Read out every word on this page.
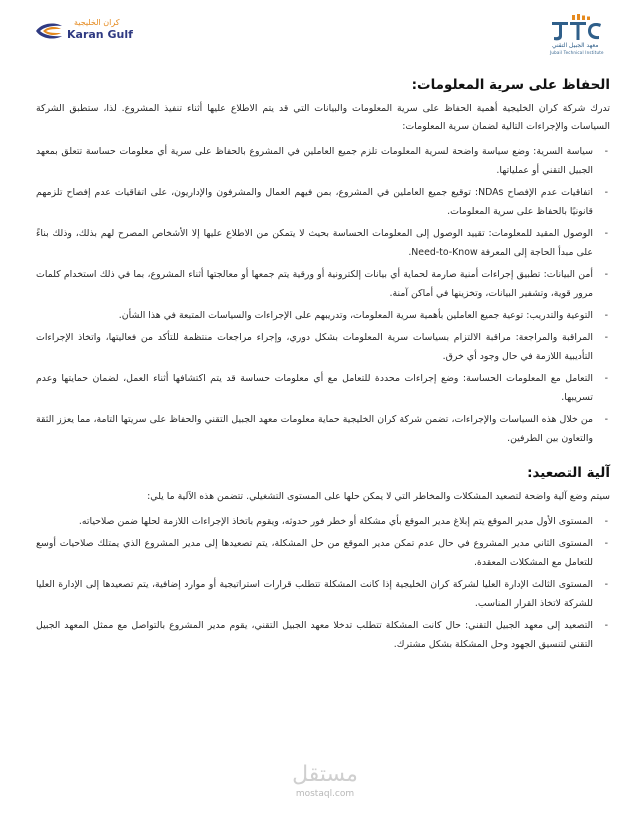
كران الخليجية
Karan Gulf
معهد الجبيل التقني
Jubail Technical Institute
الحفاظ على سرية المعلومات:

تدرك شركة كران الخليجية أهمية الحفاظ على سرية المعلومات والبيانات التي قد يتم الاطلاع عليها أثناء تنفيذ المشروع. لذا، ستطبق الشركة السياسات والإجراءات التالية لضمان سرية المعلومات:

-
سياسة السرية: وضع سياسة واضحة لسرية المعلومات تلزم جميع العاملين في المشروع بالحفاظ على سرية أي معلومات حساسة تتعلق بمعهد الجبيل التقني أو عملياتها.
-
اتفاقيات عدم الإفصاح NDAs: توقيع جميع العاملين في المشروع، بمن فيهم العمال والمشرفون والإداريون، على اتفاقيات عدم إفصاح تلزمهم قانونيًا بالحفاظ على سرية المعلومات.
-
الوصول المقيد للمعلومات: تقييد الوصول إلى المعلومات الحساسة بحيث لا يتمكن من الاطلاع عليها إلا الأشخاص المصرح لهم بذلك، وذلك بناءً على مبدأ الحاجة إلى المعرفة Need-to-Know.
-
أمن البيانات: تطبيق إجراءات أمنية صارمة لحماية أي بيانات إلكترونية أو ورقية يتم جمعها أو معالجتها أثناء المشروع، بما في ذلك استخدام كلمات مرور قوية، وتشفير البيانات، وتخزينها في أماكن آمنة.
-
التوعية والتدريب: توعية جميع العاملين بأهمية سرية المعلومات، وتدريبهم على الإجراءات والسياسات المتبعة في هذا الشأن.
-
المراقبة والمراجعة: مراقبة الالتزام بسياسات سرية المعلومات بشكل دوري، وإجراء مراجعات منتظمة للتأكد من فعاليتها، واتخاذ الإجراءات التأديبية اللازمة في حال وجود أي خرق.
-
التعامل مع المعلومات الحساسة: وضع إجراءات محددة للتعامل مع أي معلومات حساسة قد يتم اكتشافها أثناء العمل، لضمان حمايتها وعدم تسريبها.
-
من خلال هذه السياسات والإجراءات، تضمن شركة كران الخليجية حماية معلومات معهد الجبيل التقني والحفاظ على سريتها التامة، مما يعزز الثقة والتعاون بين الطرفين.
آلية التصعيد:

سيتم وضع آلية واضحة لتصعيد المشكلات والمخاطر التي لا يمكن حلها على المستوى التشغيلي. تتضمن هذه الآلية ما يلي:

-
المستوى الأول مدير الموقع يتم إبلاغ مدير الموقع بأي مشكلة أو خطر فور حدوثه، ويقوم باتخاذ الإجراءات اللازمة لحلها ضمن صلاحياته.
-
المستوى الثاني مدير المشروع في حال عدم تمكن مدير الموقع من حل المشكلة، يتم تصعيدها إلى مدير المشروع الذي يمتلك صلاحيات أوسع للتعامل مع المشكلات المعقدة.
-
المستوى الثالث الإدارة العليا لشركة كران الخليجية إذا كانت المشكلة تتطلب قرارات استراتيجية أو موارد إضافية، يتم تصعيدها إلى الإدارة العليا للشركة لاتخاذ القرار المناسب.
-
التصعيد إلى معهد الجبيل التقني: حال كانت المشكلة تتطلب تدخلا معهد الجبيل التقني، يقوم مدير المشروع بالتواصل مع ممثل المعهد الجبيل التقني لتنسيق الجهود وحل المشكلة بشكل مشترك.
مستقل
mostaql.com
